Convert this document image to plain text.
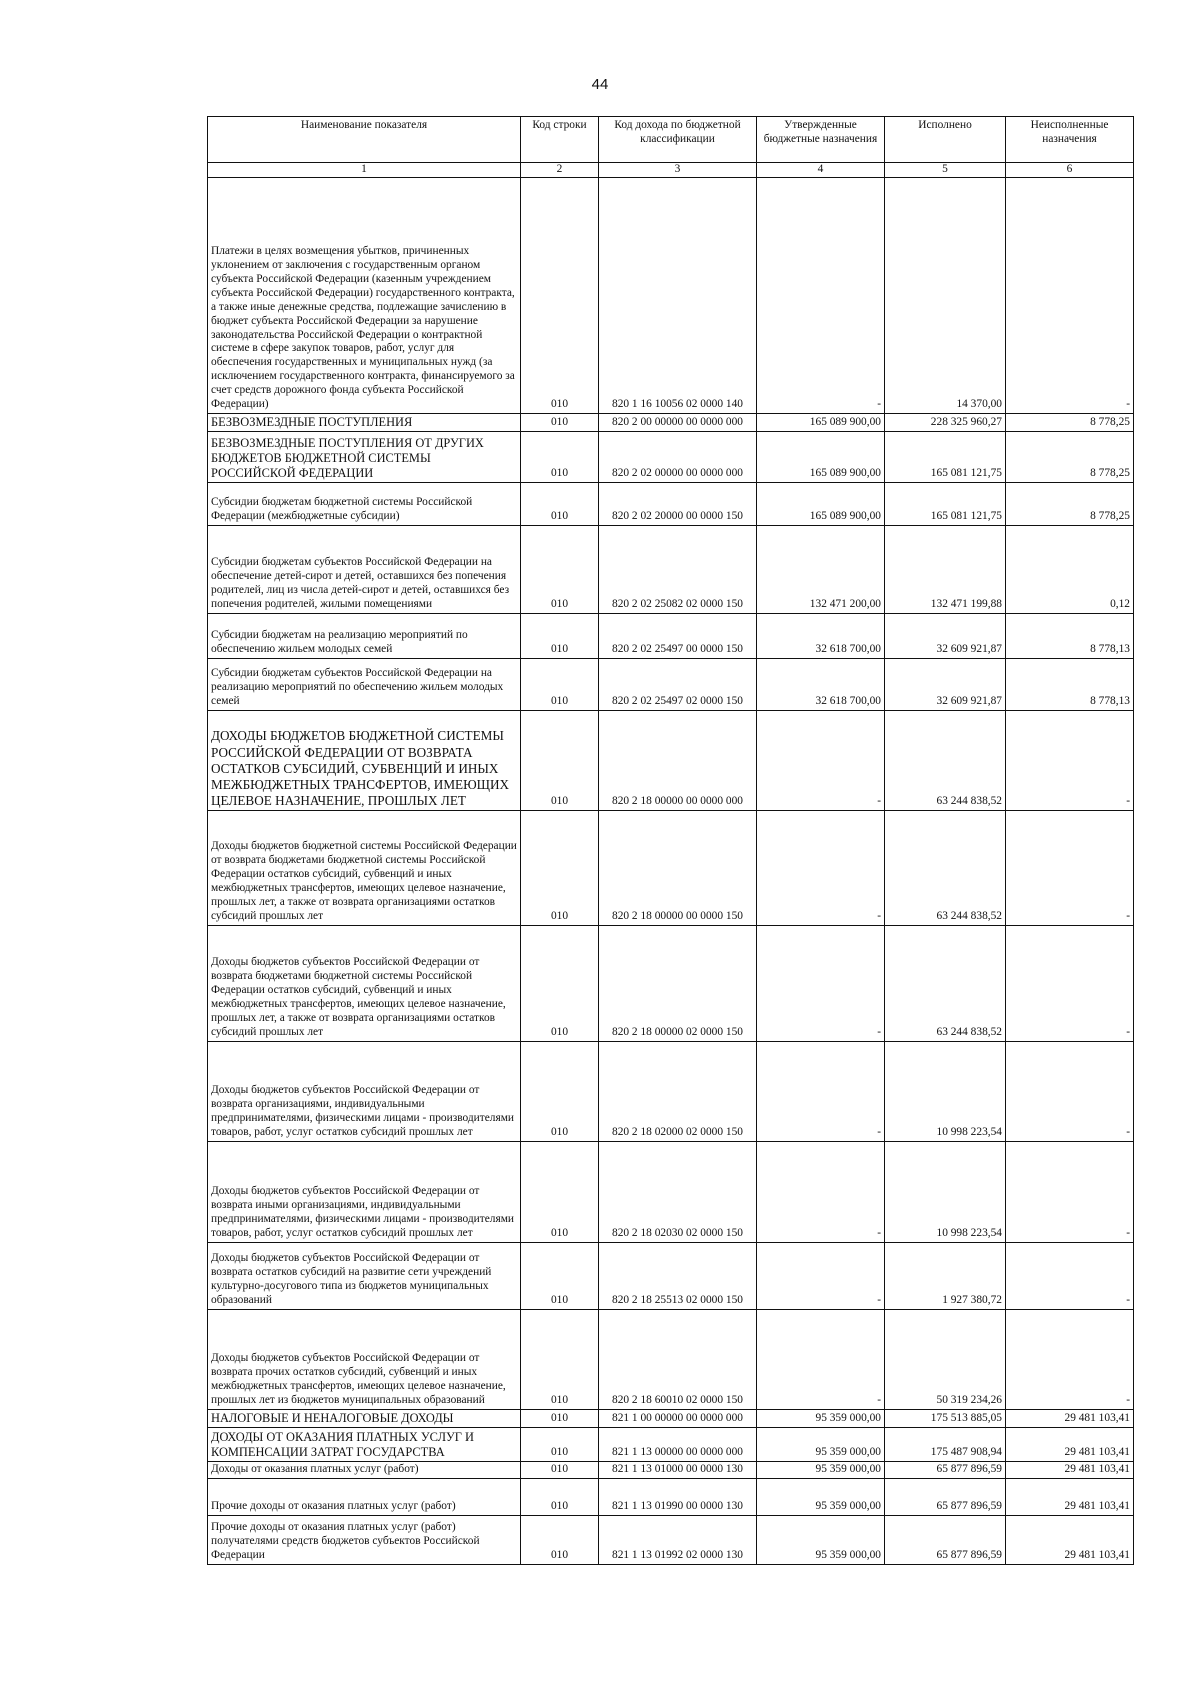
44
Наименование показателя	Код строки	Код дохода по бюджетной классификации	Утвержденные бюджетные назначения	Исполнено	Неисполненные назначения
1	2	3	4	5	6
Платежи в целях возмещения убытков, причиненных уклонением от заключения с государственным органом субъекта Российской Федерации (казенным учреждением субъекта Российской Федерации) государственного контракта, а также иные денежные средства, подлежащие зачислению в бюджет субъекта Российской Федерации за нарушение законодательства Российской Федерации о контрактной системе в сфере закупок товаров, работ, услуг для обеспечения государственных и муниципальных нужд (за исключением государственного контракта, финансируемого за счет средств дорожного фонда субъекта Российской Федерации)	010	820 1 16 10056 02 0000 140	-	14 370,00	-
БЕЗВОЗМЕЗДНЫЕ ПОСТУПЛЕНИЯ	010	820 2 00 00000 00 0000 000	165 089 900,00	228 325 960,27	8 778,25
БЕЗВОЗМЕЗДНЫЕ ПОСТУПЛЕНИЯ ОТ ДРУГИХ БЮДЖЕТОВ БЮДЖЕТНОЙ СИСТЕМЫ РОССИЙСКОЙ ФЕДЕРАЦИИ	010	820 2 02 00000 00 0000 000	165 089 900,00	165 081 121,75	8 778,25
Субсидии бюджетам бюджетной системы Российской Федерации (межбюджетные субсидии)	010	820 2 02 20000 00 0000 150	165 089 900,00	165 081 121,75	8 778,25
Субсидии бюджетам субъектов Российской Федерации на обеспечение детей-сирот и детей, оставшихся без попечения родителей, лиц из числа детей-сирот и детей, оставшихся без попечения родителей, жилыми помещениями	010	820 2 02 25082 02 0000 150	132 471 200,00	132 471 199,88	0,12
Субсидии бюджетам на реализацию мероприятий по обеспечению жильем молодых семей	010	820 2 02 25497 00 0000 150	32 618 700,00	32 609 921,87	8 778,13
Субсидии бюджетам субъектов Российской Федерации на реализацию мероприятий по обеспечению жильем молодых семей	010	820 2 02 25497 02 0000 150	32 618 700,00	32 609 921,87	8 778,13
ДОХОДЫ БЮДЖЕТОВ БЮДЖЕТНОЙ СИСТЕМЫ РОССИЙСКОЙ ФЕДЕРАЦИИ ОТ ВОЗВРАТА ОСТАТКОВ СУБСИДИЙ, СУБВЕНЦИЙ И ИНЫХ МЕЖБЮДЖЕТНЫХ ТРАНСФЕРТОВ, ИМЕЮЩИХ ЦЕЛЕВОЕ НАЗНАЧЕНИЕ, ПРОШЛЫХ ЛЕТ	010	820 2 18 00000 00 0000 000	-	63 244 838,52	-
Доходы бюджетов бюджетной системы Российской Федерации от возврата бюджетами бюджетной системы Российской Федерации остатков субсидий, субвенций и иных межбюджетных трансфертов, имеющих целевое назначение, прошлых лет, а также от возврата организациями остатков субсидий прошлых лет	010	820 2 18 00000 00 0000 150	-	63 244 838,52	-
Доходы бюджетов субъектов Российской Федерации от возврата бюджетами бюджетной системы Российской Федерации остатков субсидий, субвенций и иных межбюджетных трансфертов, имеющих целевое назначение, прошлых лет, а также от возврата организациями остатков субсидий прошлых лет	010	820 2 18 00000 02 0000 150	-	63 244 838,52	-
Доходы бюджетов субъектов Российской Федерации от возврата организациями, индивидуальными предпринимателями, физическими лицами - производителями товаров, работ, услуг остатков субсидий прошлых лет	010	820 2 18 02000 02 0000 150	-	10 998 223,54	-
Доходы бюджетов субъектов Российской Федерации от возврата иными организациями, индивидуальными предпринимателями, физическими лицами - производителями товаров, работ, услуг остатков субсидий прошлых лет	010	820 2 18 02030 02 0000 150	-	10 998 223,54	-
Доходы бюджетов субъектов Российской Федерации от возврата остатков субсидий на развитие сети учреждений культурно-досугового типа из бюджетов муниципальных образований	010	820 2 18 25513 02 0000 150	-	1 927 380,72	-
Доходы бюджетов субъектов Российской Федерации от возврата прочих остатков субсидий, субвенций и иных межбюджетных трансфертов, имеющих целевое назначение, прошлых лет из бюджетов муниципальных образований	010	820 2 18 60010 02 0000 150	-	50 319 234,26	-
НАЛОГОВЫЕ И НЕНАЛОГОВЫЕ ДОХОДЫ	010	821 1 00 00000 00 0000 000	95 359 000,00	175 513 885,05	29 481 103,41
ДОХОДЫ ОТ ОКАЗАНИЯ ПЛАТНЫХ УСЛУГ И КОМПЕНСАЦИИ ЗАТРАТ ГОСУДАРСТВА	010	821 1 13 00000 00 0000 000	95 359 000,00	175 487 908,94	29 481 103,41
Доходы от оказания платных услуг (работ)	010	821 1 13 01000 00 0000 130	95 359 000,00	65 877 896,59	29 481 103,41
Прочие доходы от оказания платных услуг (работ)	010	821 1 13 01990 00 0000 130	95 359 000,00	65 877 896,59	29 481 103,41
Прочие доходы от оказания платных услуг (работ) получателями средств бюджетов субъектов Российской Федерации	010	821 1 13 01992 02 0000 130	95 359 000,00	65 877 896,59	29 481 103,41
